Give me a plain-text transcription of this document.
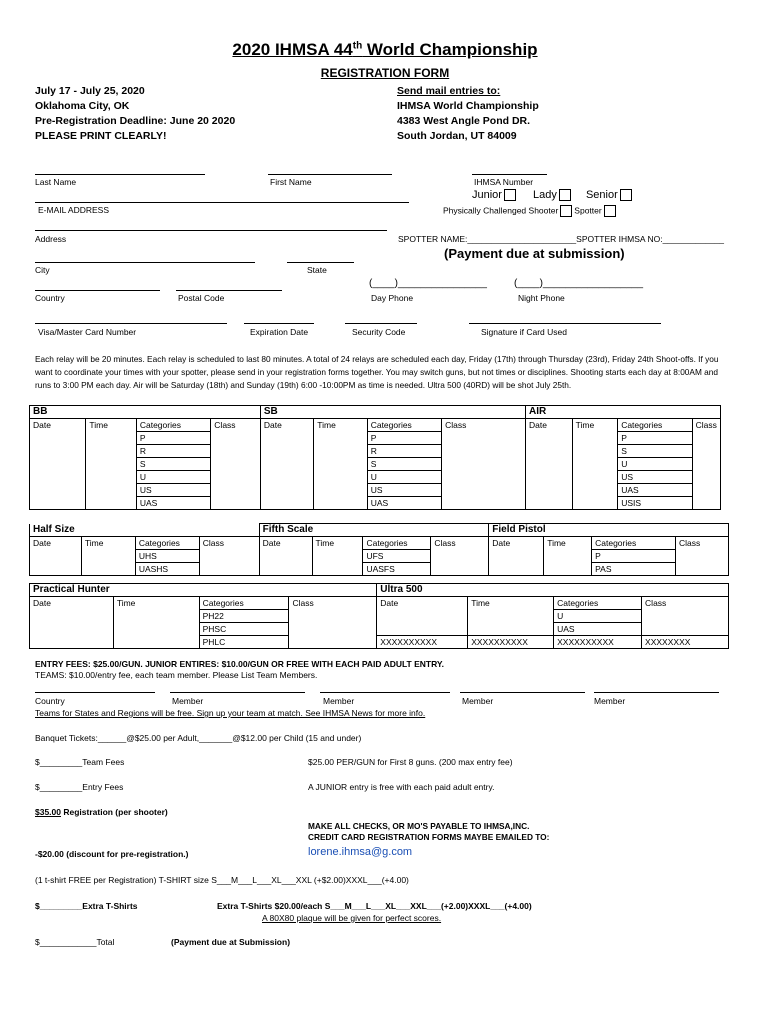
2020 IHMSA 44th World Championship
REGISTRATION FORM
July 17 - July 25, 2020
Oklahoma City, OK
Pre-Registration Deadline: June 20 2020
PLEASE PRINT CLEARLY!
Send mail entries to:
IHMSA World Championship
4383 West Angle Pond DR.
South Jordan, UT 84009
Last Name	First Name	IHMSA Number
Junior	Lady	Senior
E-MAIL ADDRESS	Physically Challenged Shooter Spotter
Address	SPOTTER NAME:_______________________SPOTTER IHMSA NO:_____________
(Payment due at submission)
City	State
(____)________________	(____)__________________
Country	Postal Code	Day Phone	Night Phone
Visa/Master Card Number	Expiration Date	Security Code	Signature if Card Used
Each relay will be 20 minutes. Each relay is scheduled to last 80 minutes. A total of 24 relays are scheduled each day, Friday (17th) through Thursday (23rd), Friday 24th Shoot-offs. If you want to coordinate your times with your spotter, please send in your registration forms together. You may switch guns, but not times or disciplines. Shooting starts each day at 8:00AM and runs to 3:00 PM each day. Air will be Saturday (18th) and Sunday (19th) 6:00 -10:00PM as time is needed. Ultra 500 (40RD) will be shot July 25th.
BB				SB				AIR			
Date	Time	Categories	Class	Date	Time	Categories	Class	Date	Time	Categories	Class
		P				P				P	
		R				R				S	
		S				S				U	
		U				U				US	
		US				US				UAS	
		UAS				UAS				USIS	
Half Size				Fifth Scale				Field Pistol			
Date	Time	Categories	Class	Date	Time	Categories	Class	Date	Time	Categories	Class
		UHS				UFS				P	
		UASHS				UASFS				PAS	
Practical Hunter				Ultra 500			
Date	Time	Categories	Class	Date	Time	Categories	Class
		PH22				U	
		PHSC				UAS	
		PHLC		XXXXXXXXXX	XXXXXXXXXX	XXXXXXXXXX	XXXXXXXX
ENTRY FEES: $25.00/GUN. JUNIOR ENTIRES: $10.00/GUN OR FREE WITH EACH PAID ADULT ENTRY.
TEAMS: $10.00/entry fee, each team member. Please List Team Members.
Country	Member	Member	Member	Member
Teams for States and Regions will be free. Sign up your team at match. See IHMSA News for more info.
Banquet Tickets:______@$25.00 per Adult,_______@$12.00 per Child (15 and under)
$_________Team Fees	$25.00 PER/GUN for First 8 guns. (200 max entry fee)
$_________Entry Fees	A JUNIOR entry is free with each paid adult entry.
$35.00 Registration (per shooter)
MAKE ALL CHECKS, OR MO'S PAYABLE TO IHMSA,INC.
CREDIT CARD REGISTRATION FORMS MAYBE EMAILED TO:
-$20.00 (discount for pre-registration.)	lorene.ihmsa@g.com
(1 t-shirt FREE per Registration) T-SHIRT size S___M___L___XL___XXL (+$2.00)XXXL___(+4.00)
$_________Extra T-Shirts	Extra T-Shirts $20.00/each S___M___L___XL___XXL___(+2.00)XXXL___(+4.00)
A 80X80 plaque will be given for perfect scores.
$____________Total	(Payment due at Submission)
